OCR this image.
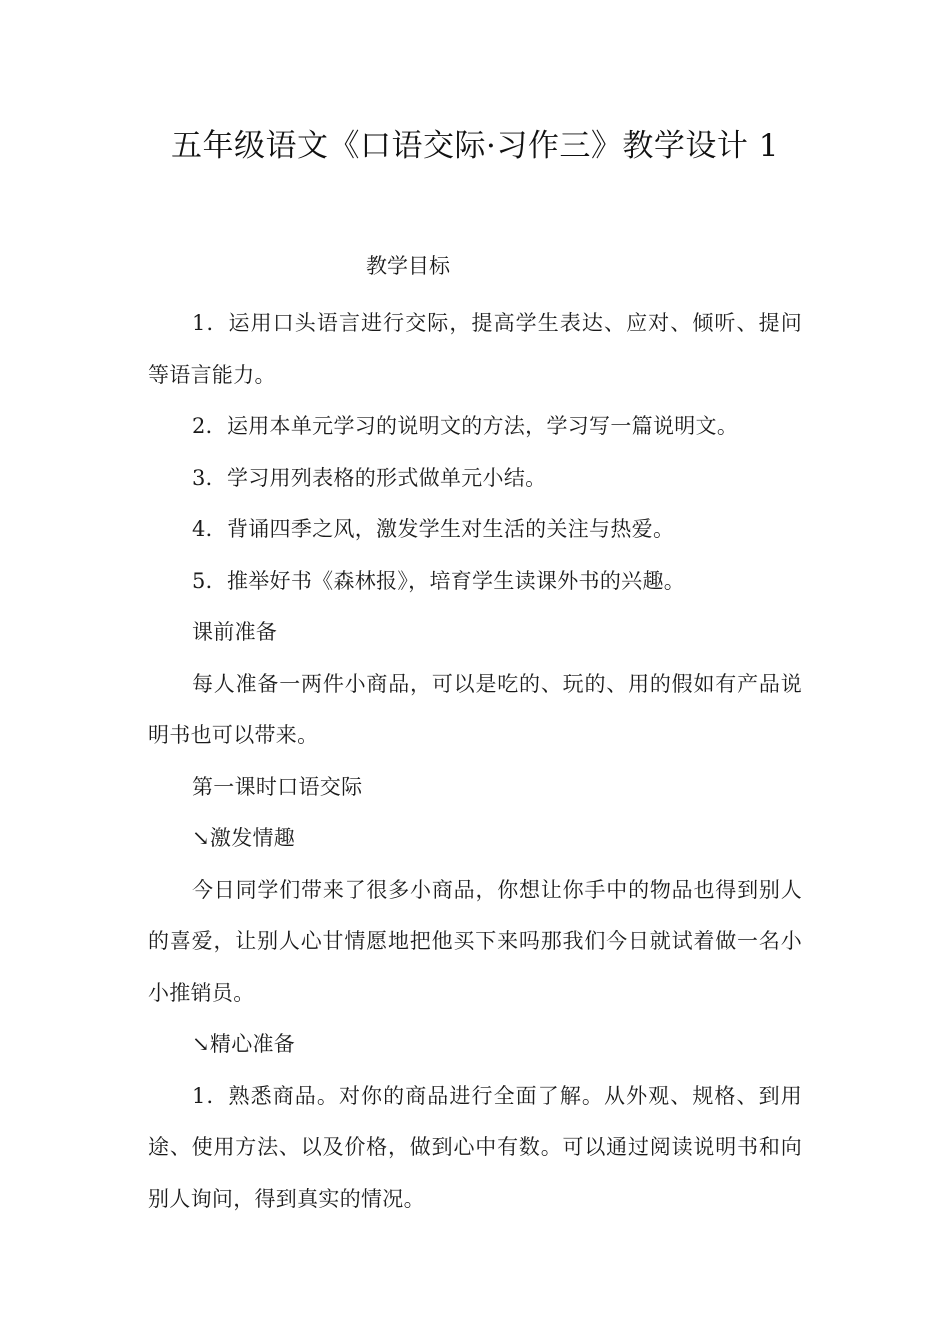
五年级语文《口语交际·习作三》教学设计 1
教学目标

1．运用口头语言进行交际，提高学生表达、应对、倾听、提问等语言能力。

2．运用本单元学习的说明文的方法，学习写一篇说明文。

3．学习用列表格的形式做单元小结。

4．背诵四季之风，激发学生对生活的关注与热爱。

5．推举好书《森林报》，培育学生读课外书的兴趣。

课前准备

每人准备一两件小商品，可以是吃的、玩的、用的假如有产品说明书也可以带来。

第一课时口语交际

↘激发情趣

今日同学们带来了很多小商品，你想让你手中的物品也得到别人的喜爱，让别人心甘情愿地把他买下来吗那我们今日就试着做一名小小推销员。

↘精心准备

1．熟悉商品。对你的商品进行全面了解。从外观、规格、到用途、使用方法、以及价格，做到心中有数。可以通过阅读说明书和向别人询问，得到真实的情况。
